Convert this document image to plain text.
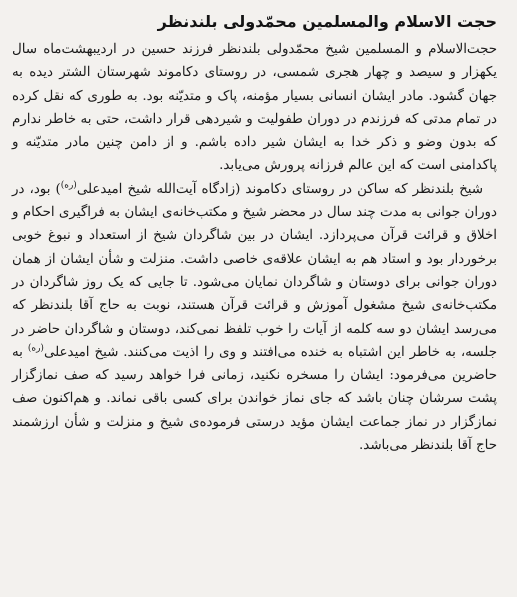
حجت الاسلام والمسلمین محمّدولی بلندنظر

حجت‌الاسلام و المسلمین شیخ محمّدولی بلندنظر فرزند حسین در اردیبهشت‌ماه سال یکهزار و سیصد و چهار هجری شمسی، در روستای دکاموند شهرستان الشتر دیده به جهان گشود. مادر ایشان انسانی بسیار مؤمنه، پاک و متدیّنه بود. به طوری که نقل کرده در تمام مدتی که فرزندم در دوران طفولیت و شیردهی قرار داشت، حتی به خاطر ندارم که بدون وضو و ذکر خدا به ایشان شیر داده باشم. و از دامن چنین مادر متدیّنه و پاکدامنی است که این عالم فرزانه پرورش می‌یابد.

شیخ بلندنظر که ساکن در روستای دکاموند (زادگاه آیت‌الله شیخ امیدعلی$^{(ره)}$) بود، در دوران جوانی به مدت چند سال در محضر شیخ و مکتب‌خانه‌ی ایشان به فراگیری احکام و اخلاق و قرائت قرآن می‌پردازد. ایشان در بین شاگردان شیخ از استعداد و نبوغ خوبی برخوردار بود و استاد هم به ایشان علاقه‌ی خاصی داشت. منزلت و شأن ایشان از همان دوران جوانی برای دوستان و شاگردان نمایان می‌شود. تا جایی که یک روز شاگردان در مکتب‌خانه‌ی شیخ مشغول آموزش و قرائت قرآن هستند، نوبت به حاج آقا بلندنظر که می‌رسد ایشان دو سه کلمه از آیات را خوب تلفظ نمی‌کند، دوستان و شاگردان حاضر در جلسه، به خاطر این اشتباه به خنده می‌افتند و وی را اذیت می‌کنند. شیخ امیدعلی$^{(ره)}$ به حاضرین می‌فرمود: ایشان را مسخره نکنید، زمانی فرا خواهد رسید که صف نمازگزار پشت سرشان چنان باشد که جای نماز خواندن برای کسی باقی نماند. و هم‌اکنون صف نمازگزار در نماز جماعت ایشان مؤید درستی فرموده‌ی شیخ و منزلت و شأن ارزشمند حاج آقا بلندنظر می‌باشد.
